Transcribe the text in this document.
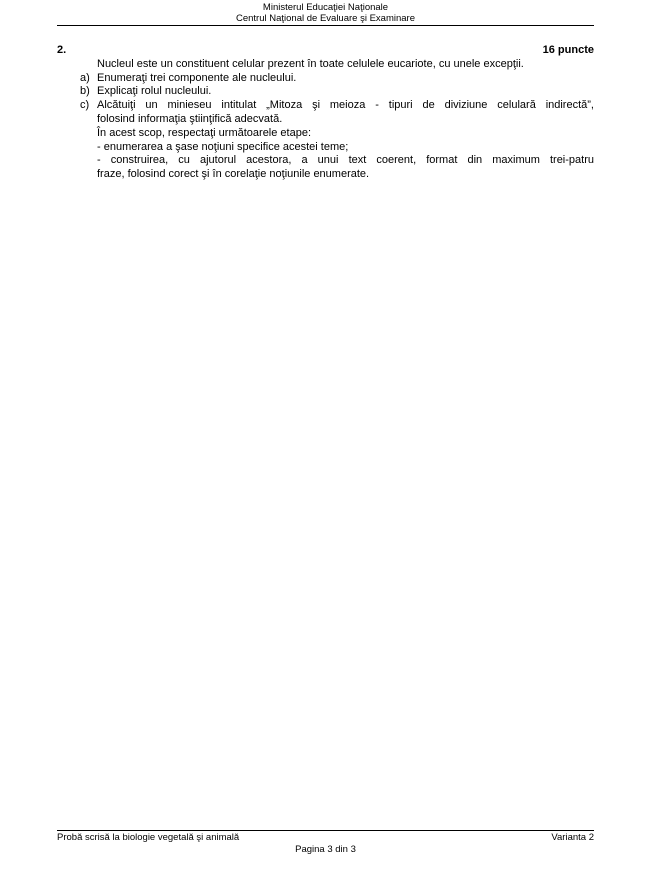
Ministerul Educaţiei Naţionale
Centrul Naţional de Evaluare şi Examinare
2.	16 puncte
Nucleul este un constituent celular prezent în toate celulele eucariote, cu unele excepţii.
a) Enumeraţi trei componente ale nucleului.
b) Explicaţi rolul nucleului.
c) Alcătuiţi un minieseu intitulat „Mitoza şi meioza - tipuri de diviziune celulară indirectă”,
folosind informaţia ştiinţifică adecvată.
În acest scop, respectaţi următoarele etape:
- enumerarea a şase noţiuni specifice acestei teme;
- construirea, cu ajutorul acestora, a unui text coerent, format din maximum trei-patru
fraze, folosind corect şi în corelaţie noţiunile enumerate.
Probă scrisă la biologie vegetală şi animală	Varianta 2
Pagina 3 din 3
